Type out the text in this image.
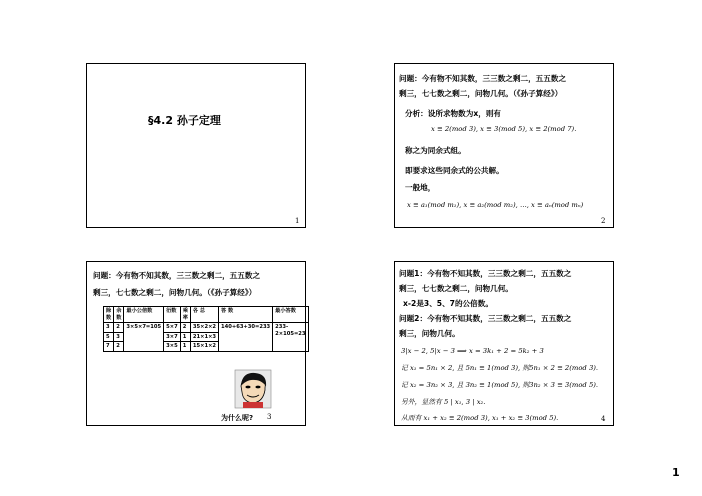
§4.2 孙子定理
1
问题：今有物不知其数，三三数之剩二，五五数之
剩三，七七数之剩二，问物几何。（《孙子算经》）
分析：设所求物数为x，则有
x ≡ 2(mod 3), x ≡ 3(mod 5), x ≡ 2(mod 7).
称之为同余式组。
即要求这些同余式的公共解。
一般地，
x ≡ a₁(mod m₁), x ≡ a₂(mod m₂), …, x ≡ aₙ(mod mₙ)
2
问题：今有物不知其数，三三数之剩二，五五数之
剩三，七七数之剩二，问物几何。（《孙子算经》）
除数	余数	最小公倍数	衍数	乘率	各 总	答 数	最小答数
3	2	3×5×7=105	5×7	2	35×2×2	140+63+30=233	233-2×105=23
5	3		3×7	1	21×1×3		
7	2		3×5	1	15×1×2		
为什么呢? 3
问题1：今有物不知其数，三三数之剩二，五五数之
剩三，七七数之剩二，问物几何。
x-2是3、5、7的公倍数。
问题2：今有物不知其数，三三数之剩二，五五数之
剩三，问物几何。
3|x − 2, 5|x − 3 ⟹ x = 3k₁ + 2 = 5k₂ + 3
记 x₁ = 5n₁ × 2, 且 5n₁ ≡ 1(mod 3), 则5n₁ × 2 ≡ 2(mod 3).
记 x₂ = 3n₂ × 3, 且 3n₂ ≡ 1(mod 5), 则3n₂ × 3 ≡ 3(mod 5).
另外，显然有 5 | x₁, 3 | x₂.
从而有 x₁ + x₂ ≡ 2(mod 3), x₁ + x₂ ≡ 3(mod 5).	4
1
